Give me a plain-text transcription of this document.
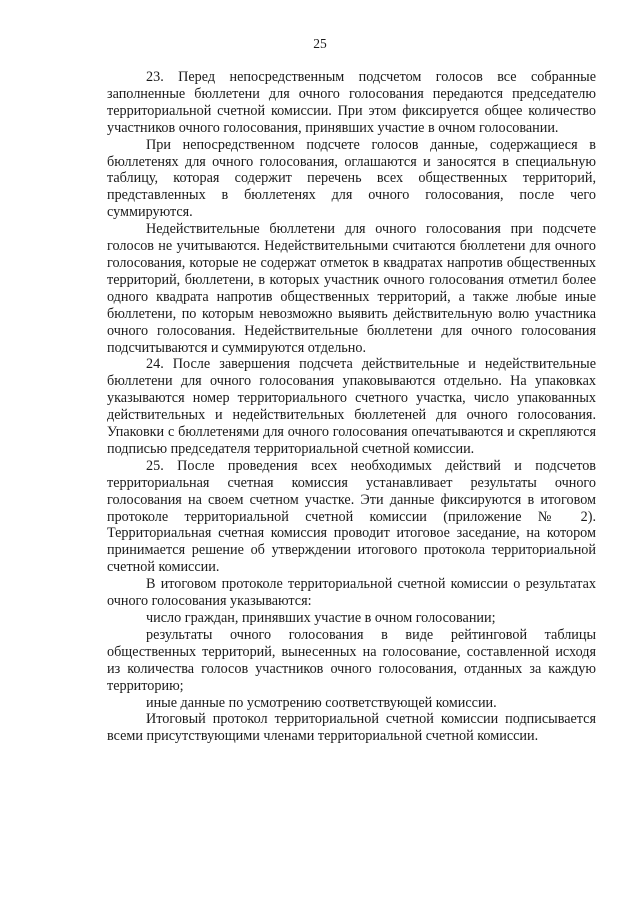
25

23. Перед непосредственным подсчетом голосов все собранные заполненные бюллетени для очного голосования передаются председателю территориальной счетной комиссии. При этом фиксируется общее количество участников очного голосования, принявших участие в очном голосовании.

При непосредственном подсчете голосов данные, содержащиеся в бюллетенях для очного голосования, оглашаются и заносятся в специальную таблицу, которая содержит перечень всех общественных территорий, представленных в бюллетенях для очного голосования, после чего суммируются.

Недействительные бюллетени для очного голосования при подсчете голосов не учитываются. Недействительными считаются бюллетени для очного голосования, которые не содержат отметок в квадратах напротив общественных территорий, бюллетени, в которых участник очного голосования отметил более одного квадрата напротив общественных территорий, а также любые иные бюллетени, по которым невозможно выявить действительную волю участника очного голосования. Недействительные бюллетени для очного голосования подсчитываются и суммируются отдельно.

24. После завершения подсчета действительные и недействительные бюллетени для очного голосования упаковываются отдельно. На упаковках указываются номер территориального счетного участка, число упакованных действительных и недействительных бюллетеней для очного голосования. Упаковки с бюллетенями для очного голосования опечатываются и скрепляются подписью председателя территориальной счетной комиссии.

25. После проведения всех необходимых действий и подсчетов территориальная счетная комиссия устанавливает результаты очного голосования на своем счетном участке. Эти данные фиксируются в итоговом протоколе территориальной счетной комиссии (приложение № 2). Территориальная счетная комиссия проводит итоговое заседание, на котором принимается решение об утверждении итогового протокола территориальной счетной комиссии.

В итоговом протоколе территориальной счетной комиссии о результатах очного голосования указываются:

число граждан, принявших участие в очном голосовании;

результаты очного голосования в виде рейтинговой таблицы общественных территорий, вынесенных на голосование, составленной исходя из количества голосов участников очного голосования, отданных за каждую территорию;

иные данные по усмотрению соответствующей комиссии.

Итоговый протокол территориальной счетной комиссии подписывается всеми присутствующими членами территориальной счетной комиссии.
